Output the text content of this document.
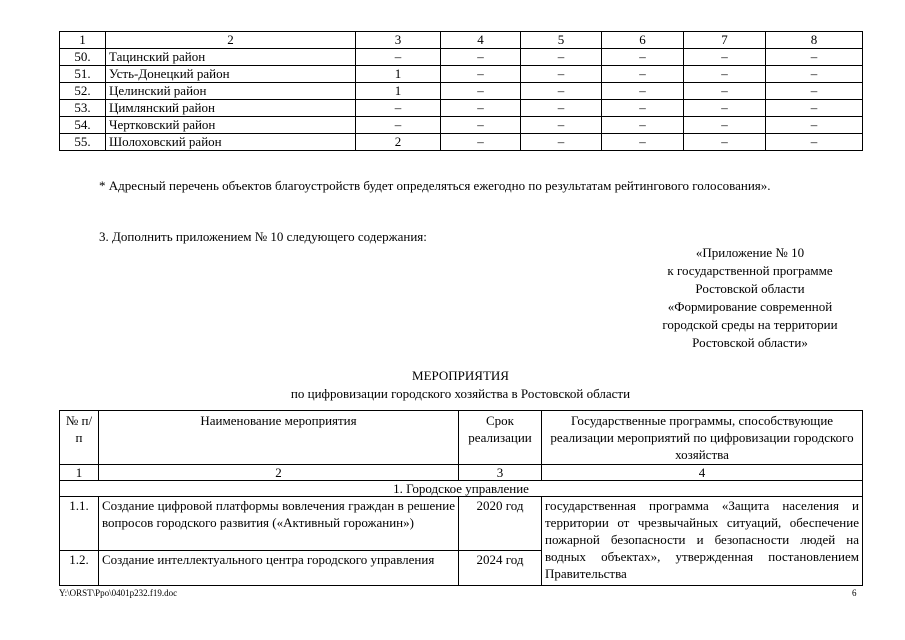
1	2	3	4	5	6	7	8
50.	Тацинский район	–	–	–	–	–	–
51.	Усть-Донецкий район	1	–	–	–	–	–
52.	Целинский район	1	–	–	–	–	–
53.	Цимлянский район	–	–	–	–	–	–
54.	Чертковский район	–	–	–	–	–	–
55.	Шолоховский район	2	–	–	–	–	–
* Адресный перечень объектов благоустройств будет определяться ежегодно по результатам рейтингового голосования».
3. Дополнить приложением № 10 следующего содержания:
«Приложение № 10
к государственной программе
Ростовской области
«Формирование современной
городской среды на территории
Ростовской области»
МЕРОПРИЯТИЯ
по цифровизации городского хозяйства в Ростовской области
№ п/п	Наименование мероприятия	Срок реализации	Государственные программы, способствующие реализации мероприятий по цифровизации городского хозяйства
1	2	3	4
1. Городское управление			
1.1.	Создание цифровой платформы вовлечения граждан в решение вопросов городского развития («Активный горожанин»)	2020 год	государственная программа «Защита населения и территории от чрезвычайных ситуаций, обеспечение пожарной безопасности и безопасности людей на водных объектах», утвержденная постановлением Правительства
1.2.	Создание интеллектуального центра городского управления	2024 год	
Y:\ORST\Ppo\0401p232.f19.doc	6
